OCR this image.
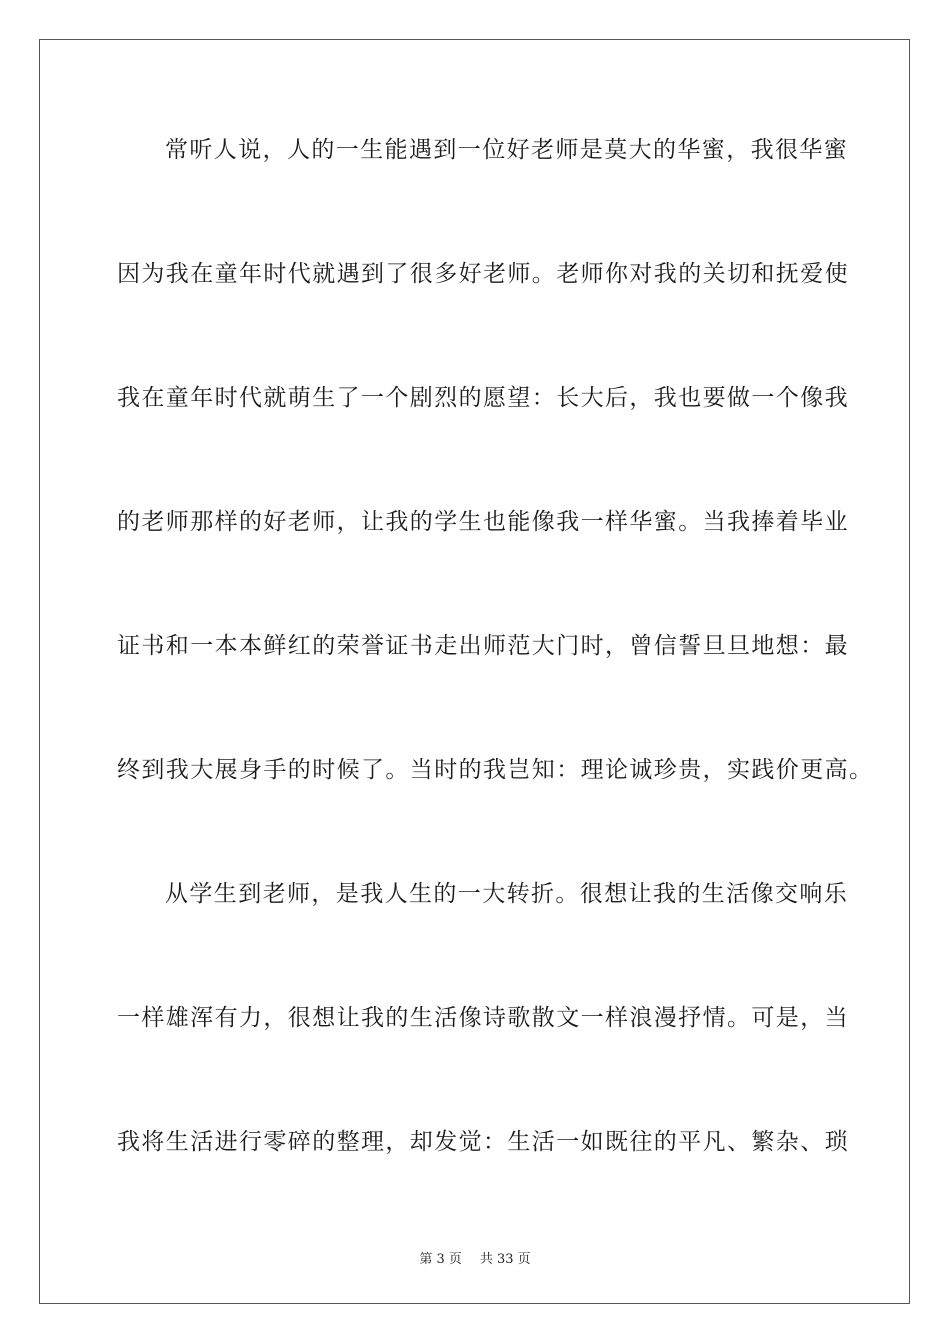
常听人说，人的一生能遇到一位好老师是莫大的华蜜，我很华蜜
因为我在童年时代就遇到了很多好老师。老师你对我的关切和抚爱使
我在童年时代就萌生了一个剧烈的愿望：长大后，我也要做一个像我
的老师那样的好老师，让我的学生也能像我一样华蜜。当我捧着毕业
证书和一本本鲜红的荣誉证书走出师范大门时，曾信誓旦旦地想：最
终到我大展身手的时候了。当时的我岂知：理论诚珍贵，实践价更高。
从学生到老师，是我人生的一大转折。很想让我的生活像交响乐
一样雄浑有力，很想让我的生活像诗歌散文一样浪漫抒情。可是，当
我将生活进行零碎的整理，却发觉：生活一如既往的平凡、繁杂、琐
第 3 页 共 33 页
